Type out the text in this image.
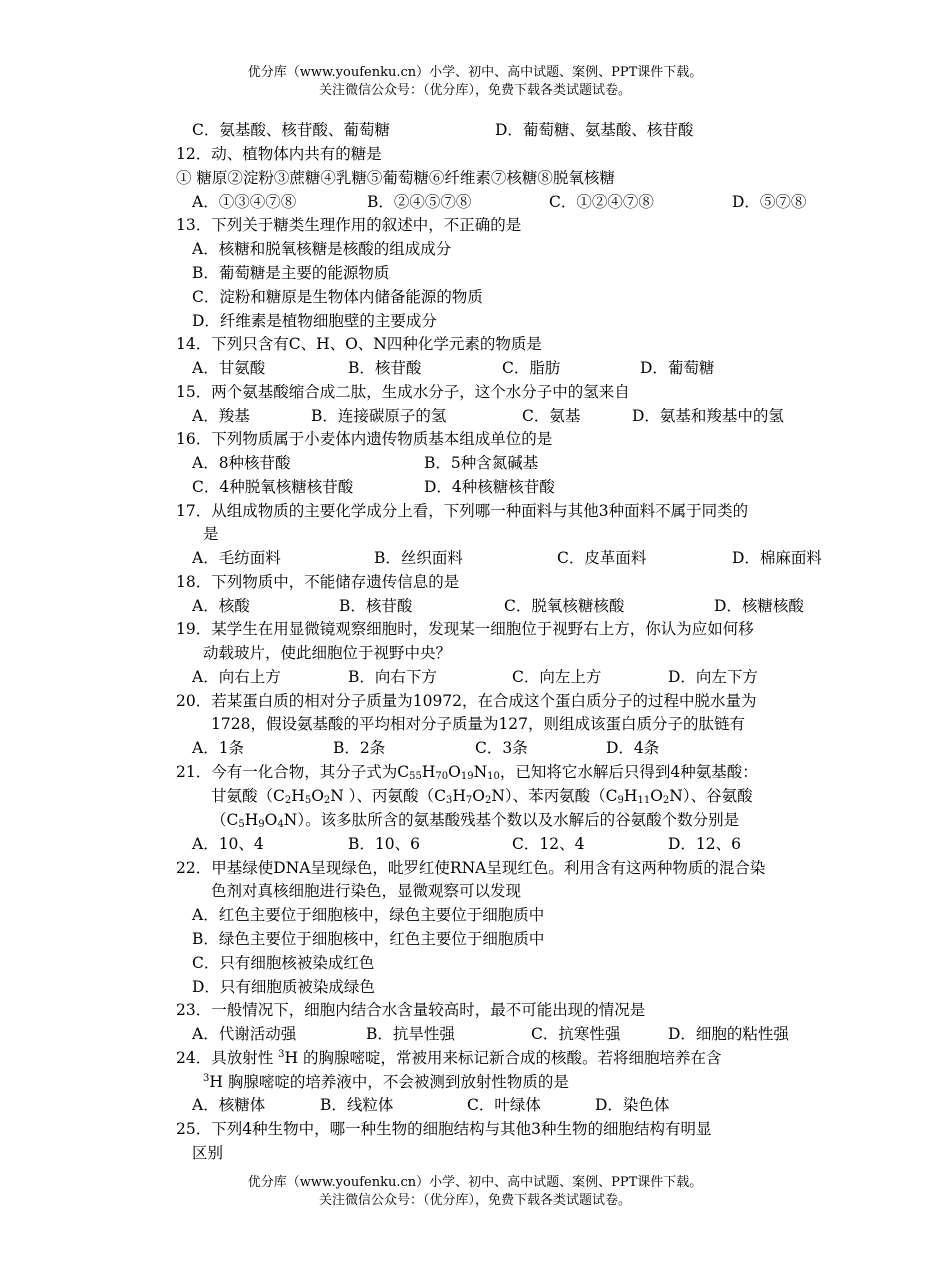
优分库（www.youfenku.cn）小学、初中、高中试题、案例、PPT课件下载。
关注微信公众号：（优分库），免费下载各类试题试卷。
C．氨基酸、核苷酸、葡萄糖	D．葡萄糖、氨基酸、核苷酸
12．动、植物体内共有的糖是
① 糖原②淀粉③蔗糖④乳糖⑤葡萄糖⑥纤维素⑦核糖⑧脱氧核糖
A．①③④⑦⑧	B．②④⑤⑦⑧	C．①②④⑦⑧	D．⑤⑦⑧
13．下列关于糖类生理作用的叙述中，不正确的是
A．核糖和脱氧核糖是核酸的组成成分
B．葡萄糖是主要的能源物质
C．淀粉和糖原是生物体内储备能源的物质
D．纤维素是植物细胞壁的主要成分
14．下列只含有C、H、O、N四种化学元素的物质是
A．甘氨酸	B．核苷酸	C．脂肪	D．葡萄糖
15．两个氨基酸缩合成二肽，生成水分子，这个水分子中的氢来自
A．羧基	B．连接碳原子的氢	C．氨基	D．氨基和羧基中的氢
16．下列物质属于小麦体内遗传物质基本组成单位的是
A．8种核苷酸	B．5种含氮碱基
C．4种脱氧核糖核苷酸	D．4种核糖核苷酸
17．从组成物质的主要化学成分上看，下列哪一种面料与其他3种面料不属于同类的
是
A．毛纺面料	B．丝织面料	C．皮革面料	D．棉麻面料
18．下列物质中，不能储存遗传信息的是
A．核酸	B．核苷酸	C．脱氧核糖核酸	D．核糖核酸
19．某学生在用显微镜观察细胞时，发现某一细胞位于视野右上方，你认为应如何移
动载玻片，使此细胞位于视野中央？
A．向右上方	B．向右下方	C．向左上方	D．向左下方
20．若某蛋白质的相对分子质量为10972，在合成这个蛋白质分子的过程中脱水量为
1728，假设氨基酸的平均相对分子质量为127，则组成该蛋白质分子的肽链有
A．1条	B．2条	C．3条	D．4条
21．今有一化合物，其分子式为$C_{55}H_{70}O_{19}N_{10}$，已知将它水解后只得到4种氨基酸：
甘氨酸（$C_2H_5O_2N$ ）、丙氨酸$(C_3H_7O_2N)$、苯丙氨酸$(C_9H_{11}O_2N)$、谷氨酸
$(C_5H_9O_4N)$。该多肽所含的氨基酸残基个数以及水解后的谷氨酸个数分别是
A．10、4	B．10、6	C．12、4	D．12、6
22．甲基绿使DNA呈现绿色，吡罗红使RNA呈现红色。利用含有这两种物质的混合染
色剂对真核细胞进行染色，显微观察可以发现
A．红色主要位于细胞核中，绿色主要位于细胞质中
B．绿色主要位于细胞核中，红色主要位于细胞质中
C．只有细胞核被染成红色
D．只有细胞质被染成绿色
23．一般情况下，细胞内结合水含量较高时，最不可能出现的情况是
A．代谢活动强	B．抗旱性强	C．抗寒性强	D．细胞的粘性强
24．具放射性 $^3$H 的胸腺嘧啶，常被用来标记新合成的核酸。若将细胞培养在含
$^3$H 胸腺嘧啶的培养液中，不会被测到放射性物质的是
A．核糖体	B．线粒体	C．叶绿体	D．染色体
25．下列4种生物中，哪一种生物的细胞结构与其他3种生物的细胞结构有明显
区别
优分库（www.youfenku.cn）小学、初中、高中试题、案例、PPT课件下载。
关注微信公众号：（优分库），免费下载各类试题试卷。
